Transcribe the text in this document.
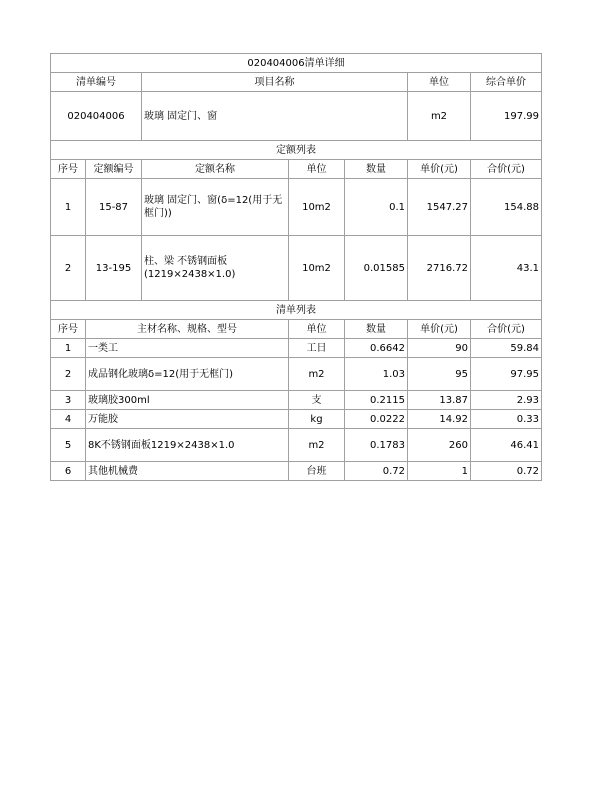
020404006清单详细						
清单编号		项目名称			单位	综合单价
020404006		玻璃 固定门、窗			m2	197.99
定额列表						
序号	定额编号	定额名称	单位	数量	单价(元)	合价(元)
1	15-87	玻璃 固定门、窗(δ=12(用于无框门))	10m2	0.1	1547.27	154.88
2	13-195	柱、梁 不锈钢面板(1219×2438×1.0)	10m2	0.01585	2716.72	43.1
清单列表						
序号	主材名称、规格、型号		单位	数量	单价(元)	合价(元)
1	一类工		工日	0.6642	90	59.84
2	成品钢化玻璃δ=12(用于无框门)		m2	1.03	95	97.95
3	玻璃胶300ml		支	0.2115	13.87	2.93
4	万能胶		kg	0.0222	14.92	0.33
5	8K不锈钢面板1219×2438×1.0		m2	0.1783	260	46.41
6	其他机械费		台班	0.72	1	0.72
